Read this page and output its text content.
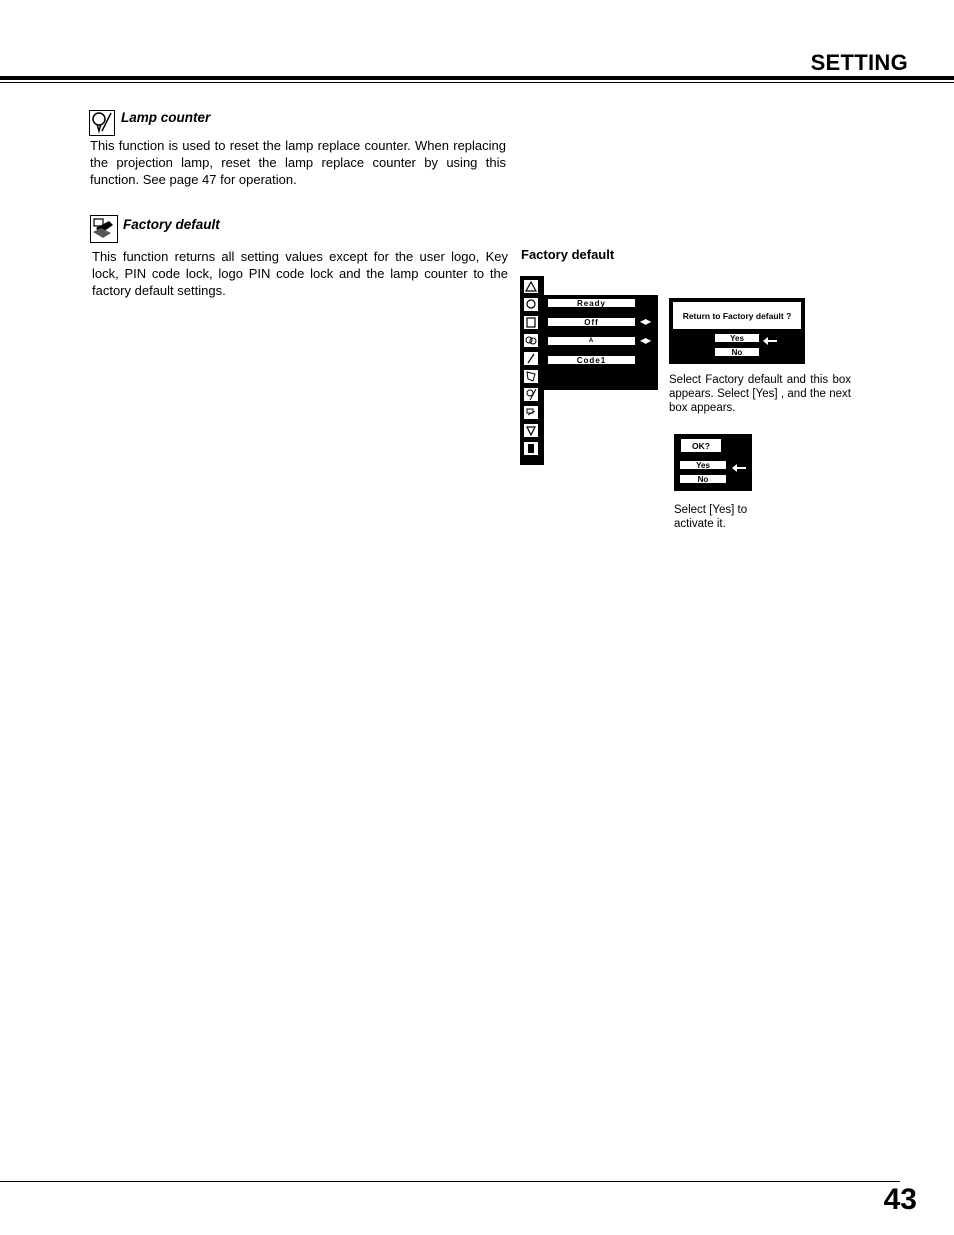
SETTING
Lamp counter
This function is used to reset the lamp replace counter. When replacing the projection lamp, reset the lamp replace counter by using this function. See page 47 for operation.
Factory default
This function returns all setting values except for the user logo, Key lock, PIN code lock, logo PIN code lock and the lamp counter to the factory default settings.
Factory default
Ready
Off	◀▶
A	◀▶
Code1
Return to Factory default ?
Yes
No
Select Factory default and this box appears. Select [Yes] , and the next box appears.
OK?
Yes
No
Select [Yes] to activate it.
43
